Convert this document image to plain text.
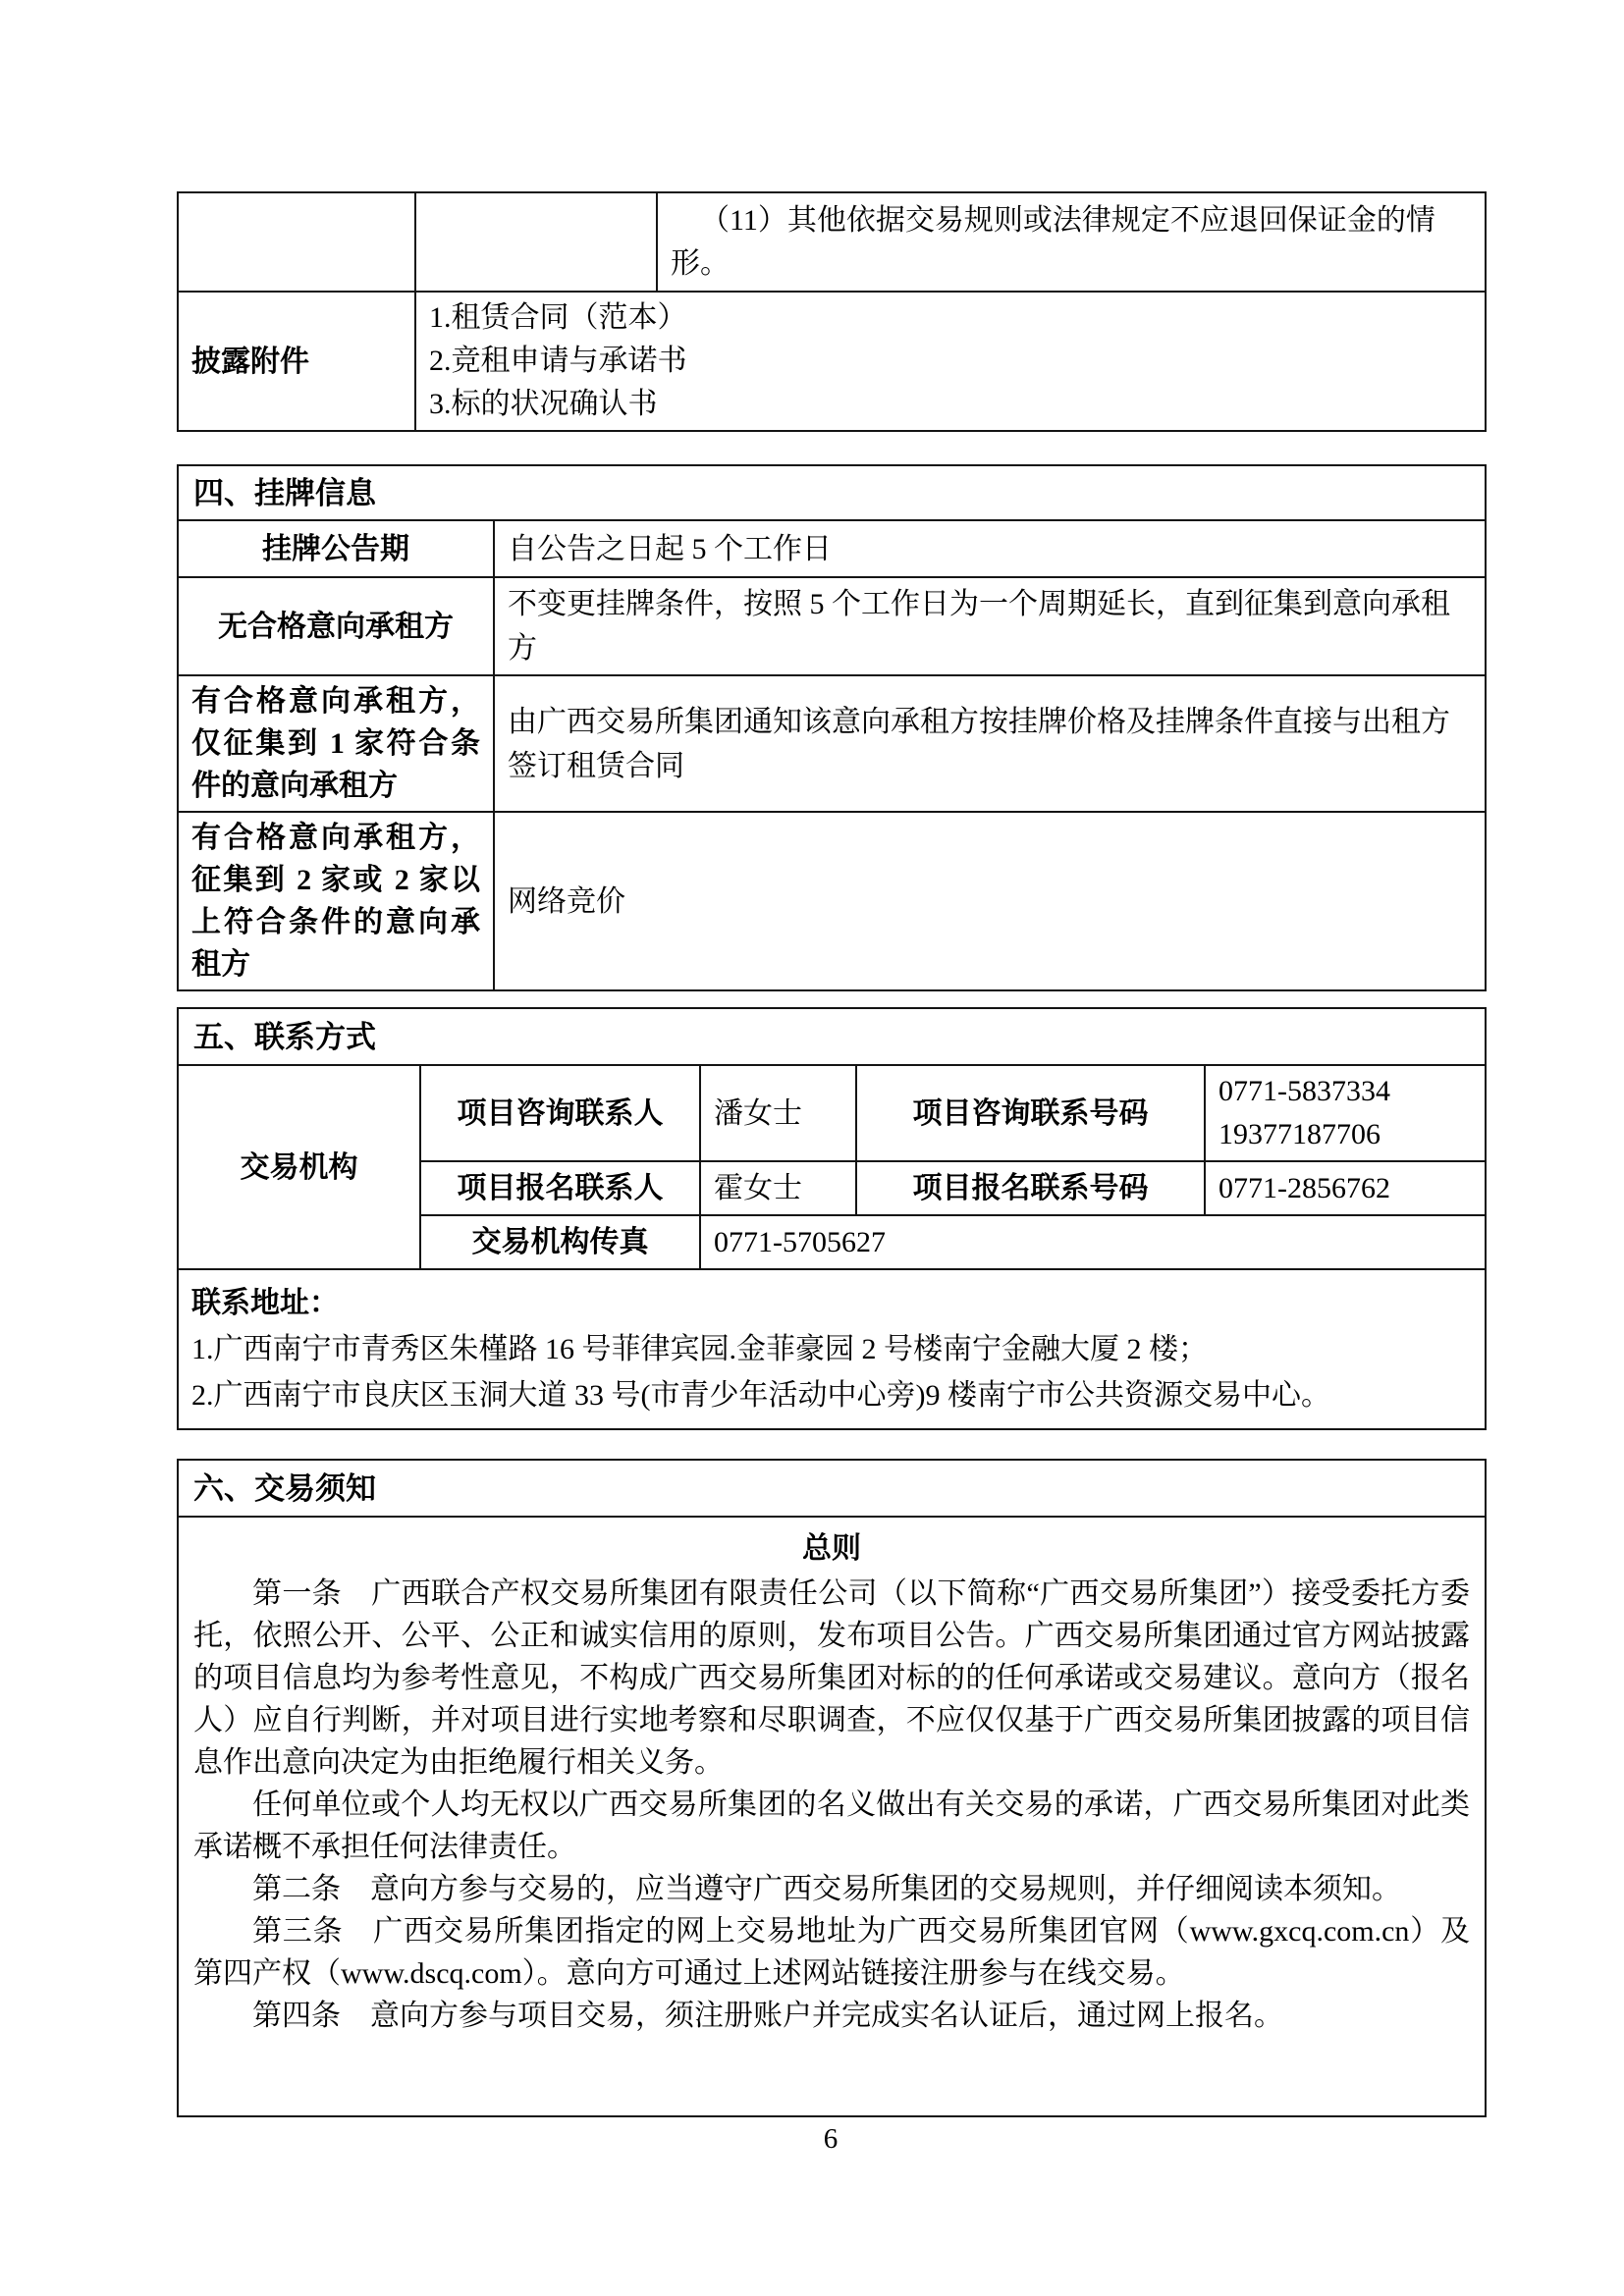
		（11）其他依据交易规则或法律规定不应退回保证金的情形。
披露附件	1.租赁合同（范本）
2.竞租申请与承诺书
3.标的状况确认书	
四、挂牌信息	
挂牌公告期	自公告之日起 5 个工作日
无合格意向承租方	不变更挂牌条件，按照 5 个工作日为一个周期延长，直到征集到意向承租方
有合格意向承租方，仅征集到 1 家符合条件的意向承租方	由广西交易所集团通知该意向承租方按挂牌价格及挂牌条件直接与出租方签订租赁合同
有合格意向承租方，征集到 2 家或 2 家以上符合条件的意向承租方	网络竞价
五、联系方式				
交易机构	项目咨询联系人	潘女士	项目咨询联系号码	0771-5837334
19377187706

	项目报名联系人	霍女士	项目报名联系号码	0771-2856762
	交易机构传真	0771-5705627		

联系地址：
1.广西南宁市青秀区朱槿路 16 号菲律宾园.金菲豪园 2 号楼南宁金融大厦 2 楼；
2.广西南宁市良庆区玉洞大道 33 号(市青少年活动中心旁)9 楼南宁市公共资源交易中心。				
六、交易须知

总则
第一条　广西联合产权交易所集团有限责任公司（以下简称“广西交易所集团”）接受委托方委托，依照公开、公平、公正和诚实信用的原则，发布项目公告。广西交易所集团通过官方网站披露的项目信息均为参考性意见，不构成广西交易所集团对标的的任何承诺或交易建议。意向方（报名人）应自行判断，并对项目进行实地考察和尽职调查，不应仅仅基于广西交易所集团披露的项目信息作出意向决定为由拒绝履行相关义务。
任何单位或个人均无权以广西交易所集团的名义做出有关交易的承诺，广西交易所集团对此类承诺概不承担任何法律责任。
第二条　意向方参与交易的，应当遵守广西交易所集团的交易规则，并仔细阅读本须知。
第三条　广西交易所集团指定的网上交易地址为广西交易所集团官网（www.gxcq.com.cn）及第四产权（www.dscq.com）。意向方可通过上述网站链接注册参与在线交易。
第四条　意向方参与项目交易，须注册账户并完成实名认证后，通过网上报名。
6
